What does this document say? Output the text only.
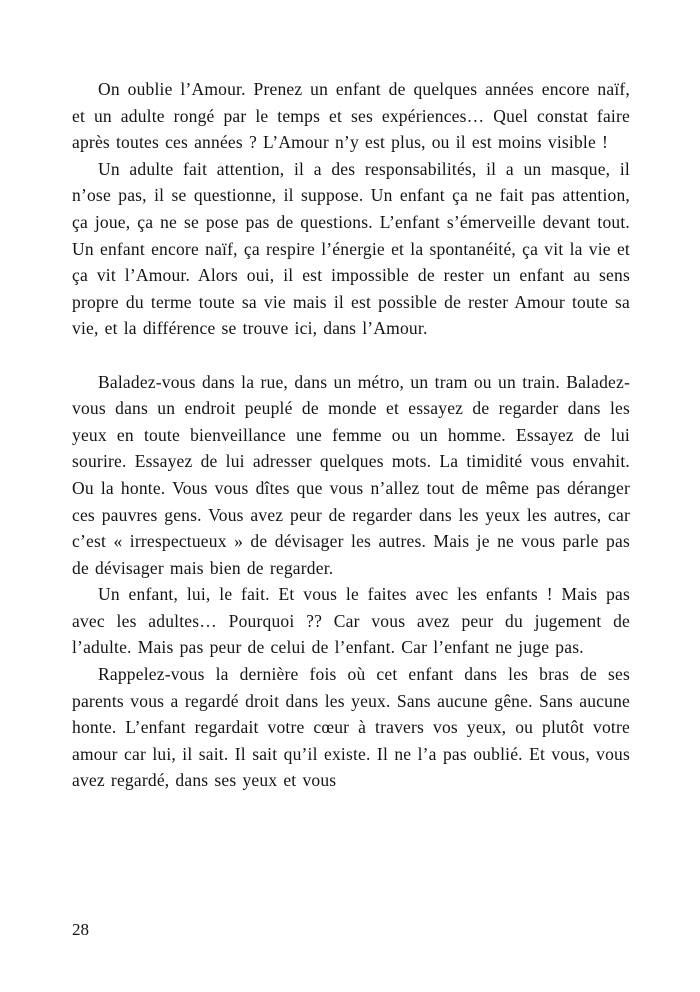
On oublie l’Amour. Prenez un enfant de quelques années encore naïf, et un adulte rongé par le temps et ses expériences… Quel constat faire après toutes ces années ? L’Amour n’y est plus, ou il est moins visible !

Un adulte fait attention, il a des responsabilités, il a un masque, il n’ose pas, il se questionne, il suppose. Un enfant ça ne fait pas attention, ça joue, ça ne se pose pas de questions. L’enfant s’émerveille devant tout. Un enfant encore naïf, ça respire l’énergie et la spontanéité, ça vit la vie et ça vit l’Amour. Alors oui, il est impossible de rester un enfant au sens propre du terme toute sa vie mais il est possible de rester Amour toute sa vie, et la différence se trouve ici, dans l’Amour.

Baladez-vous dans la rue, dans un métro, un tram ou un train. Baladez-vous dans un endroit peuplé de monde et essayez de regarder dans les yeux en toute bienveillance une femme ou un homme. Essayez de lui sourire. Essayez de lui adresser quelques mots. La timidité vous envahit. Ou la honte. Vous vous dîtes que vous n’allez tout de même pas déranger ces pauvres gens. Vous avez peur de regarder dans les yeux les autres, car c’est « irrespectueux » de dévisager les autres. Mais je ne vous parle pas de dévisager mais bien de regarder.

Un enfant, lui, le fait. Et vous le faites avec les enfants ! Mais pas avec les adultes… Pourquoi ?? Car vous avez peur du jugement de l’adulte. Mais pas peur de celui de l’enfant. Car l’enfant ne juge pas.

Rappelez-vous la dernière fois où cet enfant dans les bras de ses parents vous a regardé droit dans les yeux. Sans aucune gêne. Sans aucune honte. L’enfant regardait votre cœur à travers vos yeux, ou plutôt votre amour car lui, il sait. Il sait qu’il existe. Il ne l’a pas oublié. Et vous, vous avez regardé, dans ses yeux et vous

28
